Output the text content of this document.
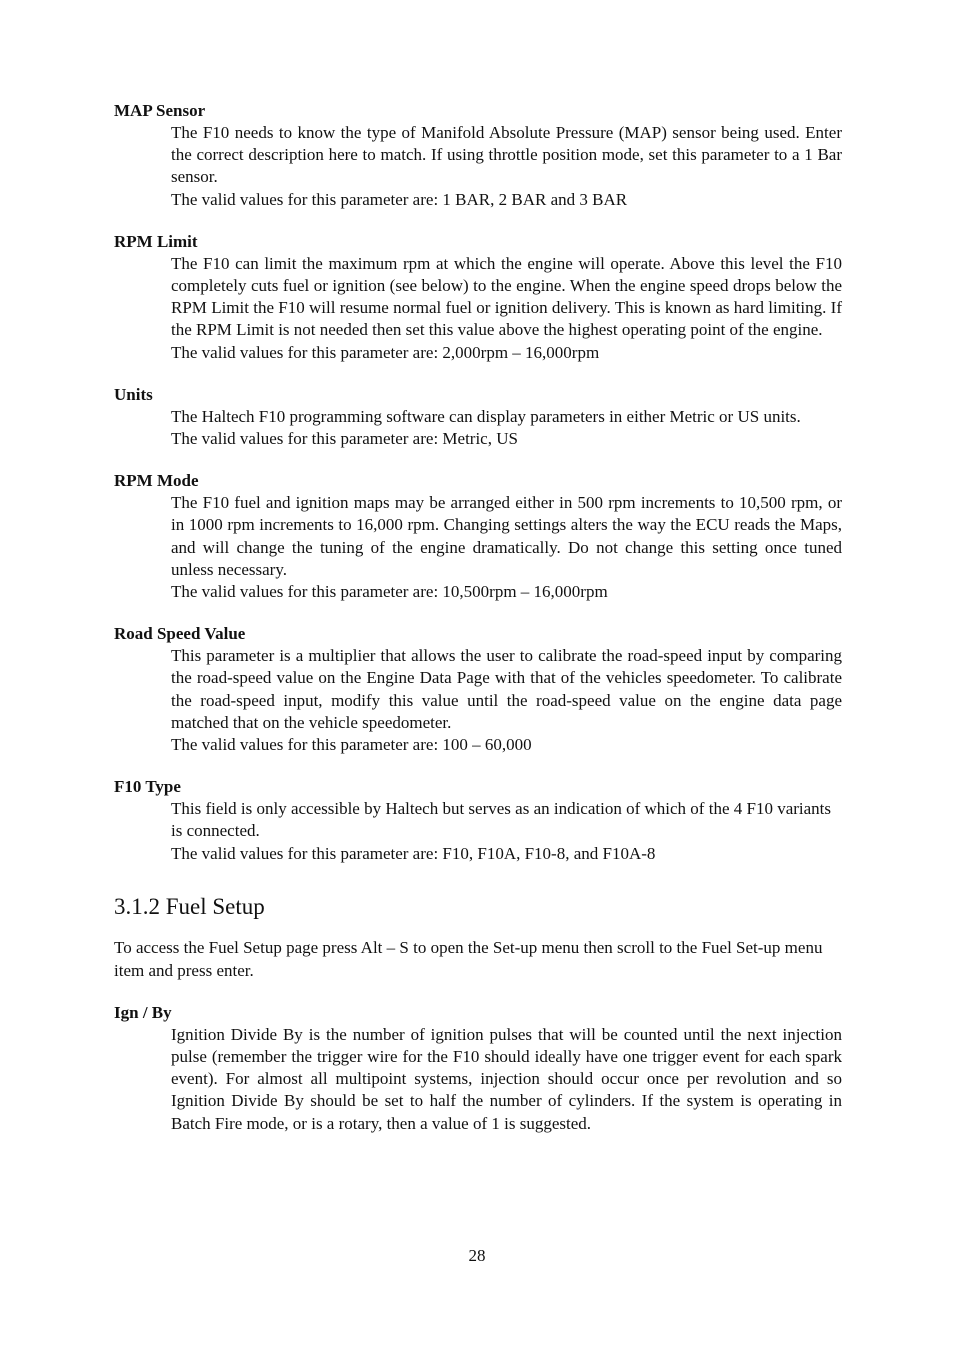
MAP Sensor

The F10 needs to know the type of Manifold Absolute Pressure (MAP) sensor being used. Enter the correct description here to match. If using throttle position mode, set this parameter to a 1 Bar sensor.

The valid values for this parameter are: 1 BAR, 2 BAR and 3 BAR

RPM Limit

The F10 can limit the maximum rpm at which the engine will operate. Above this level the F10 completely cuts fuel or ignition (see below) to the engine. When the engine speed drops below the RPM Limit the F10 will resume normal fuel or ignition delivery. This is known as hard limiting. If the RPM Limit is not needed then set this value above the highest operating point of the engine.

The valid values for this parameter are: 2,000rpm – 16,000rpm

Units

The Haltech F10 programming software can display parameters in either Metric or US units.

The valid values for this parameter are: Metric, US

RPM Mode

The F10 fuel and ignition maps may be arranged either in 500 rpm increments to 10,500 rpm, or in 1000 rpm increments to 16,000 rpm. Changing settings alters the way the ECU reads the Maps, and will change the tuning of the engine dramatically. Do not change this setting once tuned unless necessary.

The valid values for this parameter are: 10,500rpm – 16,000rpm

Road Speed Value

This parameter is a multiplier that allows the user to calibrate the road-speed input by comparing the road-speed value on the Engine Data Page with that of the vehicles speedometer. To calibrate the road-speed input, modify this value until the road-speed value on the engine data page matched that on the vehicle speedometer.

The valid values for this parameter are: 100 – 60,000

F10 Type

This field is only accessible by Haltech but serves as an indication of which of the 4 F10 variants is connected.

The valid values for this parameter are: F10, F10A, F10-8, and F10A-8

3.1.2 Fuel Setup

To access the Fuel Setup page press Alt – S to open the Set-up menu then scroll to the Fuel Set-up menu item and press enter.

Ign / By

Ignition Divide By is the number of ignition pulses that will be counted until the next injection pulse (remember the trigger wire for the F10 should ideally have one trigger event for each spark event). For almost all multipoint systems, injection should occur once per revolution and so Ignition Divide By should be set to half the number of cylinders. If the system is operating in Batch Fire mode, or is a rotary, then a value of 1 is suggested.

28
